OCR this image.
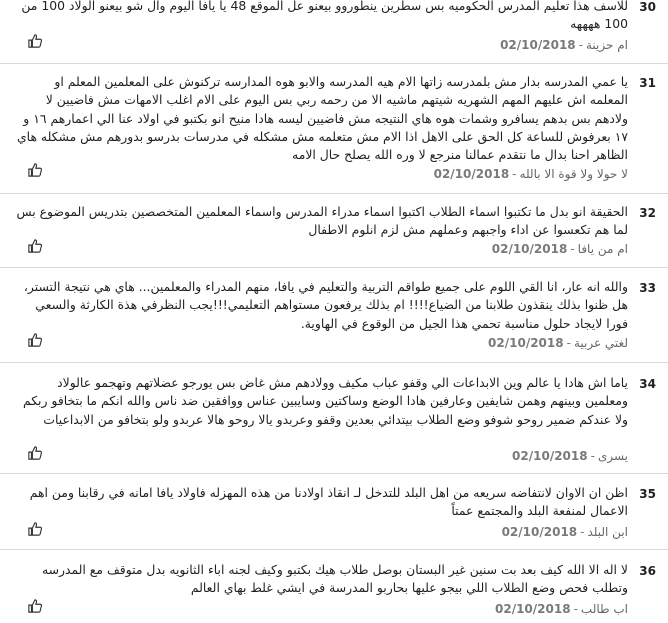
30

للاسف هذا تعليم المدرس الحكوميه بس سطرين ينطوروو بيعنو عل الموقع 48 يا يافا اليوم وال شو بيعنو الولاد 100 من 100 ههههه

ام حزينة-02/10/2018
31

يا عمي المدرسه بدار مش بلمدرسه زاتها الام هيه المدرسه والابو هوه المدارسه تركنوش على المعلمين المعلم او المعلمه اش عليهم المهم الشهريه شيتهم ماشيه الا من رحمه ربي بس اليوم على الام اغلب الامهات مش فاضيين لا ولادهم بس بدهم يسافرو وشمات هوه هاي النتيجه مش فاضيين ليسه هادا منيح انو بكتبو في اولاد عنا الي اعمارهم ١٦ و ١٧ بعرفوش للساعة كل الحق على الاهل اذا الام مش متعلمه مش مشكله في مدرسات بدرسو بدورهم مش مشكله هاي الظاهر احنا بدال ما نتقدم عمالنا منرجع لا وره الله يصلح حال الامه

لا حولا ولا قوة الا بالله-02/10/2018
32

الحقيقة انو بدل ما تكتبوا اسماء الطلاب اكتبوا اسماء مدراء المدرس واسماء المعلمين المتخصصين بتدريس الموضوع بس لما هم تكعسوا عن اداء واجبهم وعملهم مش لزم انلوم الاطفال

ام من يافا-02/10/2018
33

والله انه عار، انا القي اللوم على جميع طواقم التربية والتعليم في يافا، منهم المدراء والمعلمين... هاي هي نتيجة التستر، هل ظنوا بذلك ينقذون طلابنا من الضياع!!!! ام بذلك يرفعون مستواهم التعليمي!!!يجب النظرفي هذة الكارثة والسعي فورا لايجاد حلول مناسبة تحمي هذا الجيل من الوقوع في الهاوية.

لغتي عربية-02/10/2018
34

ياما اش هادا يا عالم وين الابداعات الي وقفو عباب مكيف وولادهم مش غاض بس يورجو عضلاتهم وتهجمو عالولاد ومعلمين وبينهم وهمن شايفين وعارفين هادا الوضع وساكتين وسايبين عناس ووافقين ضد ناس والله انكم ما بتخافو ربكم ولا عندكم ضمير روحو شوفو وضع الطلاب بيتدائي بعدين وقفو وعربدو يالا روحو هالا عربدو ولو بتخافو من الابداعيات

يسرى-02/10/2018
35

اظن ان الاوان لانتفاضه سريعه من اهل البلد للتدخل لـ انقاذ اولادنا من هذه المهزله فاولاد يافا امانه في رقابنا ومن اهم الاعمال لمنفعة البلد والمجتمع عمتاً

ابن البلد-02/10/2018
36

لا اله الا الله كيف بعد بت سنين غير البستان بوصل طلاب هيك بكتبو وكيف لجنه اباء الثانويه بدل متوقف مع المدرسه وتطلب فحص وضع الطلاب اللي بيجو عليها بحاربو المدرسة في ايشي غلط بهاي العالم

اب طالب-02/10/2018
